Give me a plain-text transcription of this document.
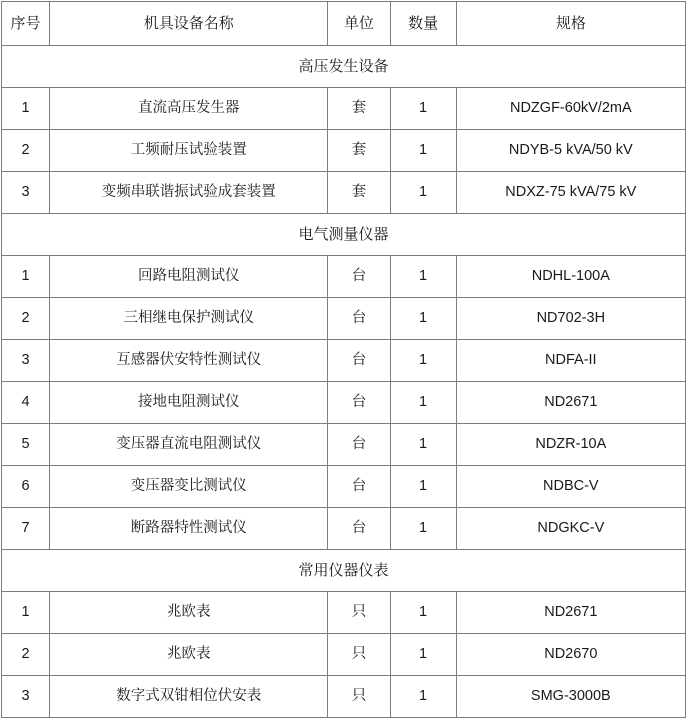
序号	机具设备名称	单位	数量	规格
高压发生设备				
1	直流高压发生器	套	1	NDZGF-60kV/2mA
2	工频耐压试验装置	套	1	NDYB-5 kVA/50 kV
3	变频串联谐振试验成套装置	套	1	NDXZ-75 kVA/75 kV
电气测量仪器				
1	回路电阻测试仪	台	1	NDHL-100A
2	三相继电保护测试仪	台	1	ND702-3H
3	互感器伏安特性测试仪	台	1	NDFA-II
4	接地电阻测试仪	台	1	ND2671
5	变压器直流电阻测试仪	台	1	NDZR-10A
6	变压器变比测试仪	台	1	NDBC-V
7	断路器特性测试仪	台	1	NDGKC-V
常用仪器仪表				
1	兆欧表	只	1	ND2671
2	兆欧表	只	1	ND2670
3	数字式双钳相位伏安表	只	1	SMG-3000B
